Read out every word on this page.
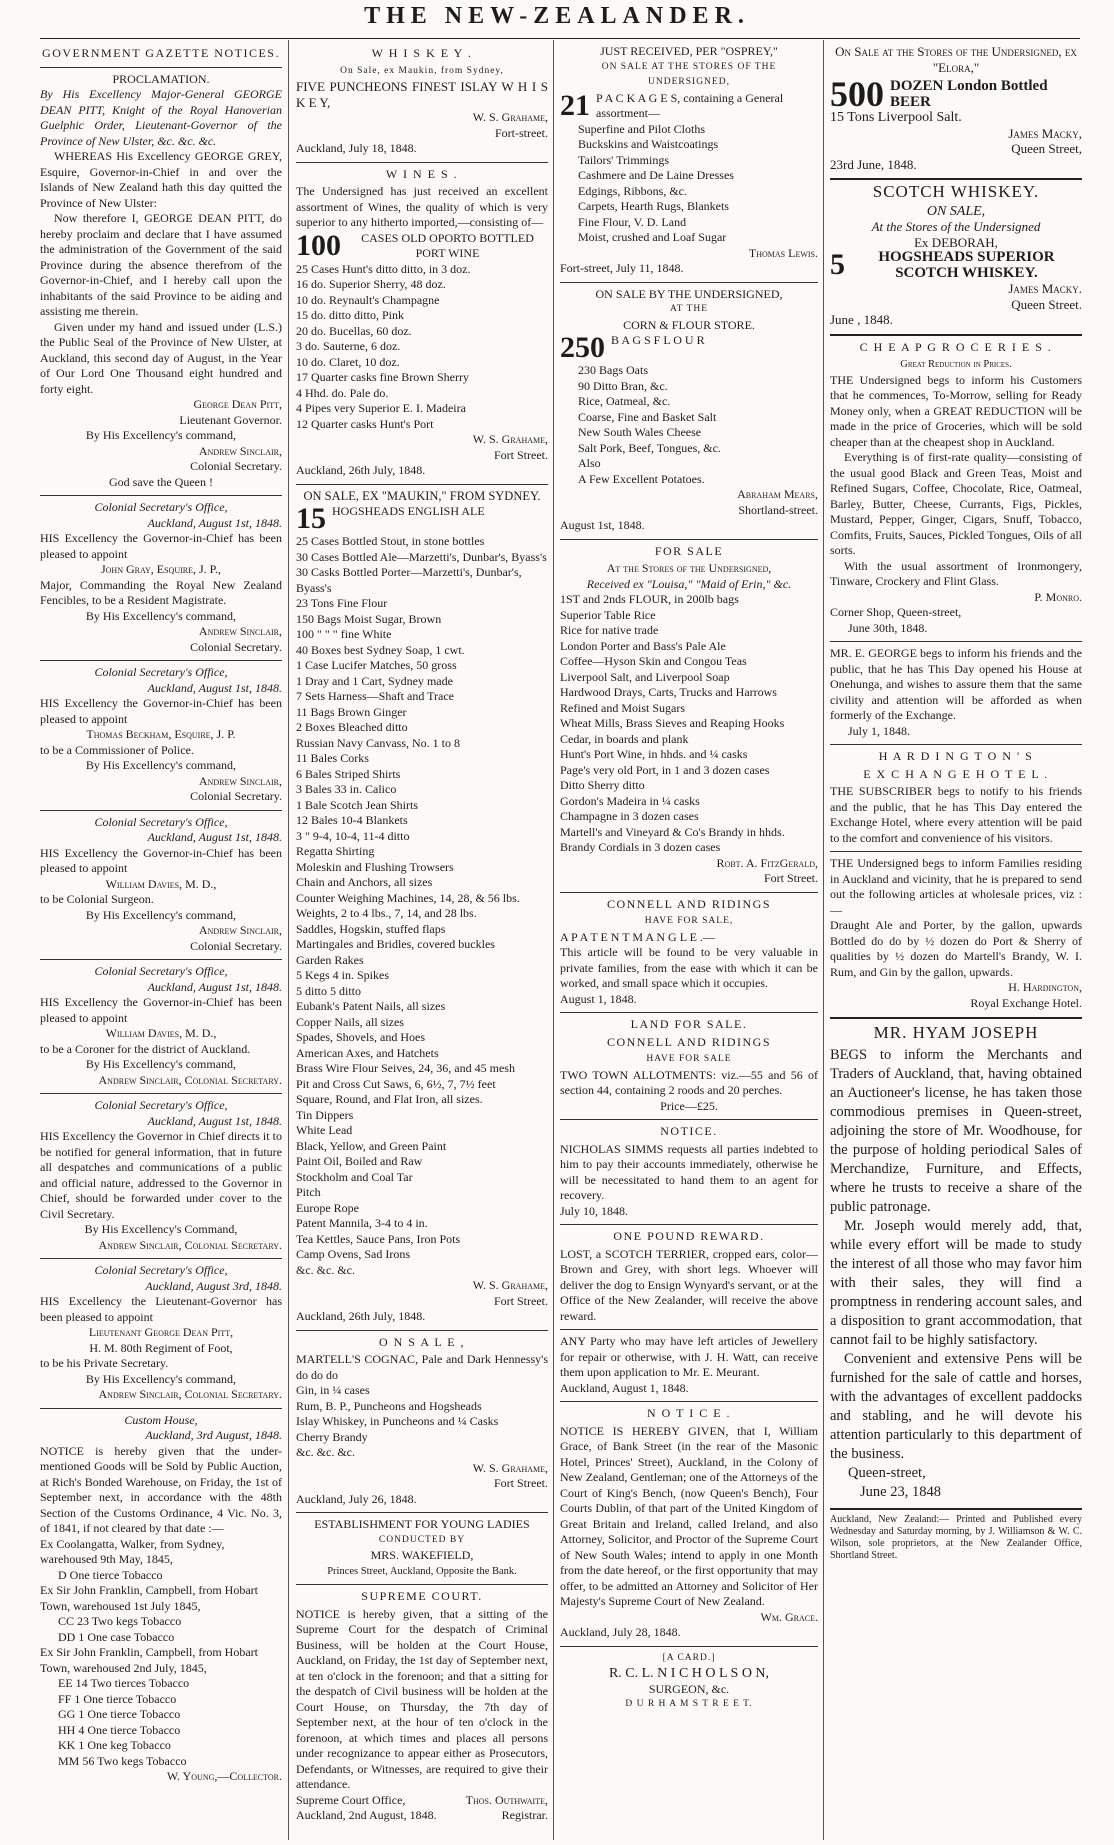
THE NEW-ZEALANDER.
GOVERNMENT GAZETTE NOTICES.
PROCLAMATION.

By His Excellency Major-General GEORGE DEAN PITT, Knight of the Royal Hanoverian Guelphic Order, Lieutenant-Governor of the Province of New Ulster, &c. &c. &c.

WHEREAS His Excellency GEORGE GREY, Esquire, Governor-in-Chief in and over the Islands of New Zealand hath this day quitted the Province of New Ulster:

Now therefore I, GEORGE DEAN PITT, do hereby proclaim and declare that I have assumed the administration of the Government of the said Province during the absence therefrom of the Governor-in-Chief, and I hereby call upon the inhabitants of the said Province to be aiding and assisting me therein.

Given under my hand and issued under (L.S.) the Public Seal of the Province of New Ulster, at Auckland, this second day of August, in the Year of Our Lord One Thousand eight hundred and forty eight.

George Dean Pitt,
Lieutenant Governor.
By His Excellency's command,
Andrew Sinclair,
Colonial Secretary.
God save the Queen !
Colonial Secretary's Office,
Auckland, August 1st, 1848.

HIS Excellency the Governor-in-Chief has been pleased to appoint

John Gray, Esquire, J. P.,

Major, Commanding the Royal New Zealand Fencibles, to be a Resident Magistrate.

By His Excellency's command,
Andrew Sinclair,
Colonial Secretary.
Colonial Secretary's Office,
Auckland, August 1st, 1848.

HIS Excellency the Governor-in-Chief has been pleased to appoint

Thomas Beckham, Esquire, J. P.

to be a Commissioner of Police.

By His Excellency's command,
Andrew Sinclair,
Colonial Secretary.
Colonial Secretary's Office,
Auckland, August 1st, 1848.

HIS Excellency the Governor-in-Chief has been pleased to appoint

William Davies, M. D.,

to be Colonial Surgeon.

By His Excellency's command,
Andrew Sinclair,
Colonial Secretary.
Colonial Secretary's Office,
Auckland, August 1st, 1848.

HIS Excellency the Governor-in-Chief has been pleased to appoint

William Davies, M. D.,

to be a Coroner for the district of Auckland.

By His Excellency's command,
Andrew Sinclair, Colonial Secretary.
Colonial Secretary's Office,
Auckland, August 1st, 1848.

HIS Excellency the Governor in Chief directs it to be notified for general information, that in future all despatches and communications of a public and official nature, addressed to the Governor in Chief, should be forwarded under cover to the Civil Secretary.

By His Excellency's Command,
Andrew Sinclair, Colonial Secretary.
Colonial Secretary's Office,
Auckland, August 3rd, 1848.

HIS Excellency the Lieutenant-Governor has been pleased to appoint

Lieutenant George Dean Pitt,
H. M. 80th Regiment of Foot,
to be his Private Secretary.
By His Excellency's command,
Andrew Sinclair, Colonial Secretary.
Custom House,
Auckland, 3rd August, 1848.

NOTICE is hereby given that the under-mentioned Goods will be Sold by Public Auction, at Rich's Bonded Warehouse, on Friday, the 1st of September next, in accordance with the 48th Section of the Customs Ordinance, 4 Vic. No. 3, of 1841, if not cleared by that date :—

Ex Coolangatta, Walker, from Sydney, warehoused 9th May, 1845,
D One tierce Tobacco
Ex Sir John Franklin, Campbell, from Hobart Town, warehoused 1st July 1845,
CC 23 Two kegs Tobacco
DD 1 One case Tobacco
Ex Sir John Franklin, Campbell, from Hobart Town, warehoused 2nd July, 1845,
EE 14 Two tierces Tobacco
FF 1 One tierce Tobacco
GG 1 One tierce Tobacco
HH 4 One tierce Tobacco
KK 1 One keg Tobacco
MM 56 Two kegs Tobacco
W. Young,—Collector.
W H I S K E Y .
On Sale, ex Maukin, from Sydney,

FIVE PUNCHEONS FINEST ISLAY W H I S K E Y,

W. S. Grahame,
Fort-street.
Auckland, July 18, 1848.
W I N E S .

The Undersigned has just received an excellent assortment of Wines, the quality of which is very superior to any hitherto imported,—consisting of—

100	CASES OLD OPORTO BOTTLED PORT WINE
25 Cases Hunt's ditto ditto, in 3 doz.
16 do. Superior Sherry, 48 doz.
10 do. Reynault's Champagne
15 do. ditto ditto, Pink
20 do. Bucellas, 60 doz.
3 do. Sauterne, 6 doz.
10 do. Claret, 10 doz.
17 Quarter casks fine Brown Sherry
4 Hhd. do. Pale do.
4 Pipes very Superior E. I. Madeira
12 Quarter casks Hunt's Port
W. S. Grahame,
Fort Street.
Auckland, 26th July, 1848.
ON SALE, EX "MAUKIN," FROM SYDNEY.
15 HOGSHEADS ENGLISH ALE
25 Cases Bottled Stout, in stone bottles
30 Cases Bottled Ale—Marzetti's, Dunbar's, Byass's
30 Casks Bottled Porter—Marzetti's, Dunbar's, Byass's
23 Tons Fine Flour
150 Bags Moist Sugar, Brown
100 " " " fine White
40 Boxes best Sydney Soap, 1 cwt.
1 Case Lucifer Matches, 50 gross
1 Dray and 1 Cart, Sydney made
7 Sets Harness—Shaft and Trace
11 Bags Brown Ginger
2 Boxes Bleached ditto
Russian Navy Canvass, No. 1 to 8
11 Bales Corks
6 Bales Striped Shirts
3 Bales 33 in. Calico
1 Bale Scotch Jean Shirts
12 Bales 10-4 Blankets
3 " 9-4, 10-4, 11-4 ditto
Regatta Shirting
Moleskin and Flushing Trowsers
Chain and Anchors, all sizes
Counter Weighing Machines, 14, 28, & 56 lbs.
Weights, 2 to 4 lbs., 7, 14, and 28 lbs.
Saddles, Hogskin, stuffed flaps
Martingales and Bridles, covered buckles
Garden Rakes
5 Kegs 4 in. Spikes
5 ditto 5 ditto
Eubank's Patent Nails, all sizes
Copper Nails, all sizes
Spades, Shovels, and Hoes
American Axes, and Hatchets
Brass Wire Flour Seives, 24, 36, and 45 mesh
Pit and Cross Cut Saws, 6, 6½, 7, 7½ feet
Square, Round, and Flat Iron, all sizes.
Tin Dippers
White Lead
Black, Yellow, and Green Paint
Paint Oil, Boiled and Raw
Stockholm and Coal Tar
Pitch
Europe Rope
Patent Mannila, 3-4 to 4 in.
Tea Kettles, Sauce Pans, Iron Pots
Camp Ovens, Sad Irons
&c. &c. &c.
W. S. Grahame,
Fort Street.
Auckland, 26th July, 1848.
O N S A L E ,

MARTELL'S COGNAC, Pale and Dark Hennessy's do do do

Gin, in ¼ cases
Rum, B. P., Puncheons and Hogsheads
Islay Whiskey, in Puncheons and ¼ Casks
Cherry Brandy
&c. &c. &c.
W. S. Grahame,
Fort Street.
Auckland, July 26, 1848.
ESTABLISHMENT FOR YOUNG LADIES
CONDUCTED BY
MRS. WAKEFIELD,
Princes Street, Auckland, Opposite the Bank.
SUPREME COURT.

NOTICE is hereby given, that a sitting of the Supreme Court for the despatch of Criminal Business, will be holden at the Court House, Auckland, on Friday, the 1st day of September next, at ten o'clock in the forenoon; and that a sitting for the despatch of Civil business will be holden at the Court House, on Thursday, the 7th day of September next, at the hour of ten o'clock in the forenoon, at which times and places all persons under recognizance to appear either as Prosecutors, Defendants, or Witnesses, are required to give their attendance.

Supreme Court Office,	Thos. Outhwaite,
Auckland, 2nd August, 1848.	Registrar.
JUST RECEIVED, PER "OSPREY,"
ON SALE AT THE STORES OF THE UNDERSIGNED,
21 P A C K A G E S, containing a General assortment—
Superfine and Pilot Cloths
Buckskins and Waistcoatings
Tailors' Trimmings
Cashmere and De Laine Dresses
Edgings, Ribbons, &c.
Carpets, Hearth Rugs, Blankets
Fine Flour, V. D. Land
Moist, crushed and Loaf Sugar
Thomas Lewis.
Fort-street, July 11, 1848.
ON SALE BY THE UNDERSIGNED,
AT THE
CORN & FLOUR STORE.
250 B A G S F L O U R
230 Bags Oats
90 Ditto Bran, &c.
Rice, Oatmeal, &c.
Coarse, Fine and Basket Salt
New South Wales Cheese
Salt Pork, Beef, Tongues, &c.
Also
A Few Excellent Potatoes.
Abraham Mears,
Shortland-street.
August 1st, 1848.
FOR SALE
At the Stores of the Undersigned,
Received ex "Louisa," "Maid of Erin," &c.
1ST and 2nds FLOUR, in 200lb bags
Superior Table Rice
Rice for native trade
London Porter and Bass's Pale Ale
Coffee—Hyson Skin and Congou Teas
Liverpool Salt, and Liverpool Soap
Hardwood Drays, Carts, Trucks and Harrows
Refined and Moist Sugars
Wheat Mills, Brass Sieves and Reaping Hooks
Cedar, in boards and plank
Hunt's Port Wine, in hhds. and ¼ casks
Page's very old Port, in 1 and 3 dozen cases
Ditto Sherry ditto
Gordon's Madeira in ¼ casks
Champagne in 3 dozen cases
Martell's and Vineyard & Co's Brandy in hhds.
Brandy Cordials in 3 dozen cases
Robt. A. FitzGerald,
Fort Street.
CONNELL AND RIDINGS
HAVE FOR SALE,
A P A T E N T M A N G L E .—

This article will be found to be very valuable in private families, from the ease with which it can be worked, and small space which it occupies.

August 1, 1848.
LAND FOR SALE.
CONNELL AND RIDINGS
HAVE FOR SALE

TWO TOWN ALLOTMENTS: viz.—55 and 56 of section 44, containing 2 roods and 20 perches.

Price—£25.
NOTICE.

NICHOLAS SIMMS requests all parties indebted to him to pay their accounts immediately, otherwise he will be necessitated to hand them to an agent for recovery.

July 10, 1848.
ONE POUND REWARD.

LOST, a SCOTCH TERRIER, cropped ears, color—Brown and Grey, with short legs. Whoever will deliver the dog to Ensign Wynyard's servant, or at the Office of the New Zealander, will receive the above reward.

ANY Party who may have left articles of Jewellery for repair or otherwise, with J. H. Watt, can receive them upon application to Mr. E. Meurant.

Auckland, August 1, 1848.
N O T I C E .

NOTICE IS HEREBY GIVEN, that I, William Grace, of Bank Street (in the rear of the Masonic Hotel, Princes' Street), Auckland, in the Colony of New Zealand, Gentleman; one of the Attorneys of the Court of King's Bench, (now Queen's Bench), Four Courts Dublin, of that part of the United Kingdom of Great Britain and Ireland, called Ireland, and also Attorney, Solicitor, and Proctor of the Supreme Court of New South Wales; intend to apply in one Month from the date hereof, or the first opportunity that may offer, to be admitted an Attorney and Solicitor of Her Majesty's Supreme Court of New Zealand.

Wm. Grace.
Auckland, July 28, 1848.
[A CARD.]
R. C. L. N I C H O L S O N,
SURGEON, &c.
D U R H A M S T R E E T.
On Sale at the Stores of the Undersigned, ex "Elora,"
500 DOZEN London Bottled BEER
15 Tons Liverpool Salt.
James Macky,
Queen Street,
23rd June, 1848.
SCOTCH WHISKEY.
ON SALE,
At the Stores of the Undersigned
Ex DEBORAH,
5	HOGSHEADS SUPERIOR SCOTCH WHISKEY.
James Macky.
Queen Street.
June , 1848.
C H E A P G R O C E R I E S .
Great Reduction in Prices.

THE Undersigned begs to inform his Customers that he commences, To-Morrow, selling for Ready Money only, when a GREAT REDUCTION will be made in the price of Groceries, which will be sold cheaper than at the cheapest shop in Auckland.

Everything is of first-rate quality—consisting of the usual good Black and Green Teas, Moist and Refined Sugars, Coffee, Chocolate, Rice, Oatmeal, Barley, Butter, Cheese, Currants, Figs, Pickles, Mustard, Pepper, Ginger, Cigars, Snuff, Tobacco, Comfits, Fruits, Sauces, Pickled Tongues, Oils of all sorts.

With the usual assortment of Ironmongery, Tinware, Crockery and Flint Glass.

P. Monro.
Corner Shop, Queen-street,
June 30th, 1848.

MR. E. GEORGE begs to inform his friends and the public, that he has This Day opened his House at Onehunga, and wishes to assure them that the same civility and attention will be afforded as when formerly of the Exchange.

July 1, 1848.
H A R D I N G T O N ' S
E X C H A N G E H O T E L .

THE SUBSCRIBER begs to notify to his friends and the public, that he has This Day entered the Exchange Hotel, where every attention will be paid to the comfort and convenience of his visitors.

THE Undersigned begs to inform Families residing in Auckland and vicinity, that he is prepared to send out the following articles at wholesale prices, viz :—

Draught Ale and Porter, by the gallon, upwards Bottled do do by ½ dozen do Port & Sherry of qualities by ½ dozen do Martell's Brandy, W. I. Rum, and Gin by the gallon, upwards.

H. Hardington,
Royal Exchange Hotel.
MR. HYAM JOSEPH

BEGS to inform the Merchants and Traders of Auckland, that, having obtained an Auctioneer's license, he has taken those commodious premises in Queen-street, adjoining the store of Mr. Woodhouse, for the purpose of holding periodical Sales of Merchandize, Furniture, and Effects, where he trusts to receive a share of the public patronage.

Mr. Joseph would merely add, that, while every effort will be made to study the interest of all those who may favor him with their sales, they will find a promptness in rendering account sales, and a disposition to grant accommodation, that cannot fail to be highly satisfactory.

Convenient and extensive Pens will be furnished for the sale of cattle and horses, with the advantages of excellent paddocks and stabling, and he will devote his attention particularly to this department of the business.

Queen-street,
June 23, 1848

Auckland, New Zealand:— Printed and Published every Wednesday and Saturday morning, by J. Williamson & W. C. Wilson, sole proprietors, at the New Zealander Office, Shortland Street.
